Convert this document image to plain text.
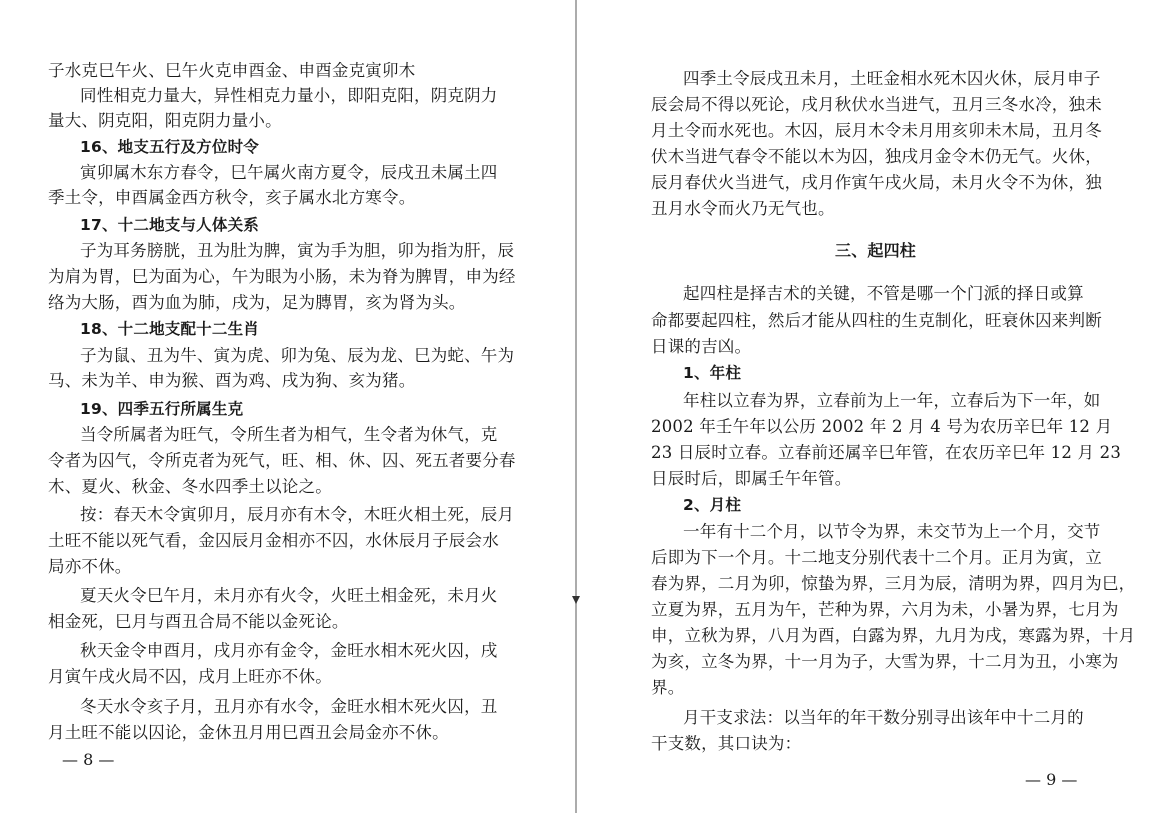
子水克巳午火、巳午火克申酉金、申酉金克寅卯木
同性相克力量大，异性相克力量小，即阳克阳，阴克阴力
量大、阴克阳，阳克阴力量小。
16、地支五行及方位时令
寅卯属木东方春令，巳午属火南方夏令，辰戌丑未属土四
季土令，申酉属金西方秋令，亥子属水北方寒令。
17、十二地支与人体关系
子为耳务膀胱，丑为肚为脾，寅为手为胆，卯为指为肝，辰
为肩为胃，巳为面为心，午为眼为小肠，未为脊为脾胃，申为经
络为大肠，酉为血为肺，戌为，足为膞胃，亥为肾为头。
18、十二地支配十二生肖
子为鼠、丑为牛、寅为虎、卯为兔、辰为龙、巳为蛇、午为
马、未为羊、申为猴、酉为鸡、戌为狗、亥为猪。
19、四季五行所属生克
当令所属者为旺气，令所生者为相气，生令者为休气，克
令者为囚气，令所克者为死气，旺、相、休、囚、死五者要分春
木、夏火、秋金、冬水四季土以论之。
按：春天木令寅卯月，辰月亦有木令，木旺火相土死，辰月
土旺不能以死气看，金囚辰月金相亦不囚，水休辰月子辰会水
局亦不休。
夏天火令巳午月，未月亦有火令，火旺土相金死，未月火
相金死，巳月与酉丑合局不能以金死论。
秋天金令申酉月，戌月亦有金令，金旺水相木死火囚，戌
月寅午戌火局不囚，戌月上旺亦不休。
冬天水令亥子月，丑月亦有水令，金旺水相木死火囚，丑
月土旺不能以囚论，金休丑月用巳酉丑会局金亦不休。
— 8 —
四季土令辰戌丑未月，土旺金相水死木囚火休，辰月申子
辰会局不得以死论，戌月秋伏水当进气，丑月三冬水冷，独未
月土令而水死也。木囚，辰月木令未月用亥卯未木局，丑月冬
伏木当进气春令不能以木为囚，独戌月金令木仍无气。火休，
辰月春伏火当进气，戌月作寅午戌火局，未月火令不为休，独
丑月水令而火乃无气也。
三、起四柱
起四柱是择吉术的关键，不管是哪一个门派的择日或算
命都要起四柱，然后才能从四柱的生克制化，旺衰休囚来判断
日课的吉凶。
1、年柱
年柱以立春为界，立春前为上一年，立春后为下一年，如
2002 年壬午年以公历 2002 年 2 月 4 号为农历辛巳年 12 月
23 日辰时立春。立春前还属辛巳年管，在农历辛巳年 12 月 23
日辰时后，即属壬午年管。
2、月柱
一年有十二个月，以节令为界，未交节为上一个月，交节
后即为下一个月。十二地支分别代表十二个月。正月为寅，立
春为界，二月为卯，惊蛰为界，三月为辰，清明为界，四月为巳，
立夏为界，五月为午，芒种为界，六月为未，小暑为界，七月为
申，立秋为界，八月为酉，白露为界，九月为戌，寒露为界，十月
为亥，立冬为界，十一月为子，大雪为界，十二月为丑，小寒为
界。
月干支求法：以当年的年干数分别寻出该年中十二月的
干支数，其口诀为：
— 9 —
